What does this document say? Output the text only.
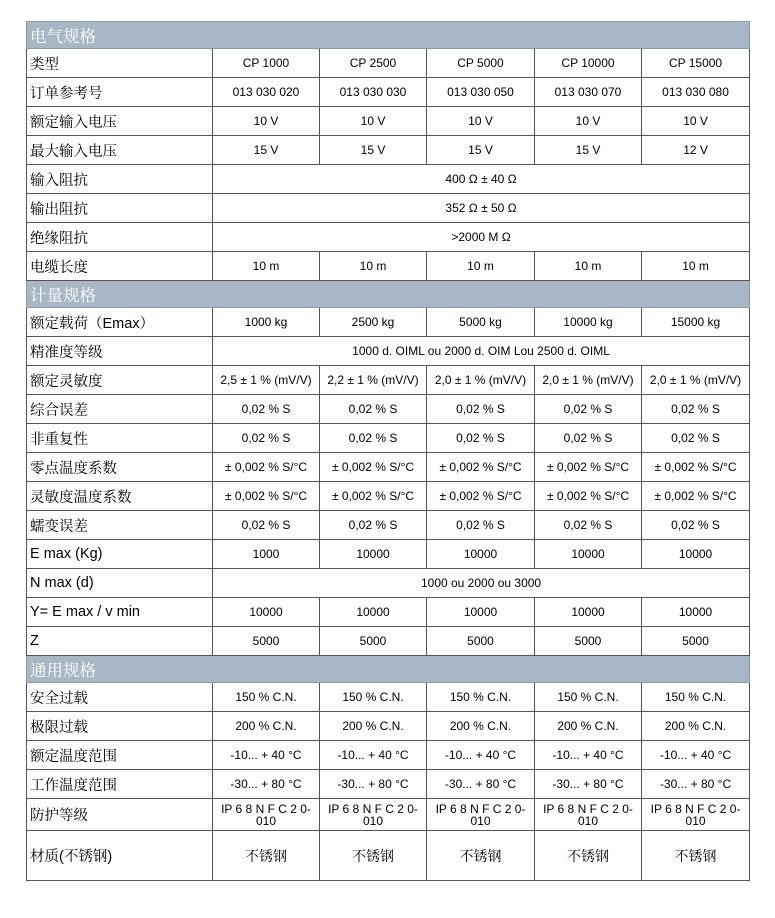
电气规格					
类型	CP 1000	CP 2500	CP 5000	CP 10000	CP 15000
订单参考号	013 030 020	013 030 030	013 030 050	013 030 070	013 030 080
额定输入电压	10 V	10 V	10 V	10 V	10 V
最大输入电压	15 V	15 V	15 V	15 V	12 V
输入阻抗	400 Ω ± 40 Ω				
输出阻抗	352 Ω ± 50 Ω				
绝缘阻抗	>2000 M Ω				
电缆长度	10 m	10 m	10 m	10 m	10 m
计量规格					
额定载荷（Emax）	1000 kg	2500 kg	5000 kg	10000 kg	15000 kg
精准度等级	1000 d. OIML ou 2000 d. OIM Lou 2500 d. OIML				
额定灵敏度	2,5 ± 1 % (mV/V)	2,2 ± 1 % (mV/V)	2,0 ± 1 % (mV/V)	2,0 ± 1 % (mV/V)	2,0 ± 1 % (mV/V)
综合误差	0,02 % S	0,02 % S	0,02 % S	0,02 % S	0,02 % S
非重复性	0,02 % S	0,02 % S	0,02 % S	0,02 % S	0,02 % S
零点温度系数	± 0,002 % S/°C	± 0,002 % S/°C	± 0,002 % S/°C	± 0,002 % S/°C	± 0,002 % S/°C
灵敏度温度系数	± 0,002 % S/°C	± 0,002 % S/°C	± 0,002 % S/°C	± 0,002 % S/°C	± 0,002 % S/°C
蠕变误差	0,02 % S	0,02 % S	0,02 % S	0,02 % S	0,02 % S
E max (Kg)	1000	10000	10000	10000	10000
N max (d)	1000 ou 2000 ou 3000				
Y= E max / v min	10000	10000	10000	10000	10000
Z	5000	5000	5000	5000	5000
通用规格					
安全过载	150 % C.N.	150 % C.N.	150 % C.N.	150 % C.N.	150 % C.N.
极限过载	200 % C.N.	200 % C.N.	200 % C.N.	200 % C.N.	200 % C.N.
额定温度范围	-10... + 40 °C	-10... + 40 °C	-10... + 40 °C	-10... + 40 °C	-10... + 40 °C
工作温度范围	-30... + 80 °C	-30... + 80 °C	-30... + 80 °C	-30... + 80 °C	-30... + 80 °C
防护等级	IP 6 8 N F C 2 0-010	IP 6 8 N F C 2 0-010	IP 6 8 N F C 2 0-010	IP 6 8 N F C 2 0-010	IP 6 8 N F C 2 0-010
材质(不锈钢)	不锈钢	不锈钢	不锈钢	不锈钢	不锈钢
